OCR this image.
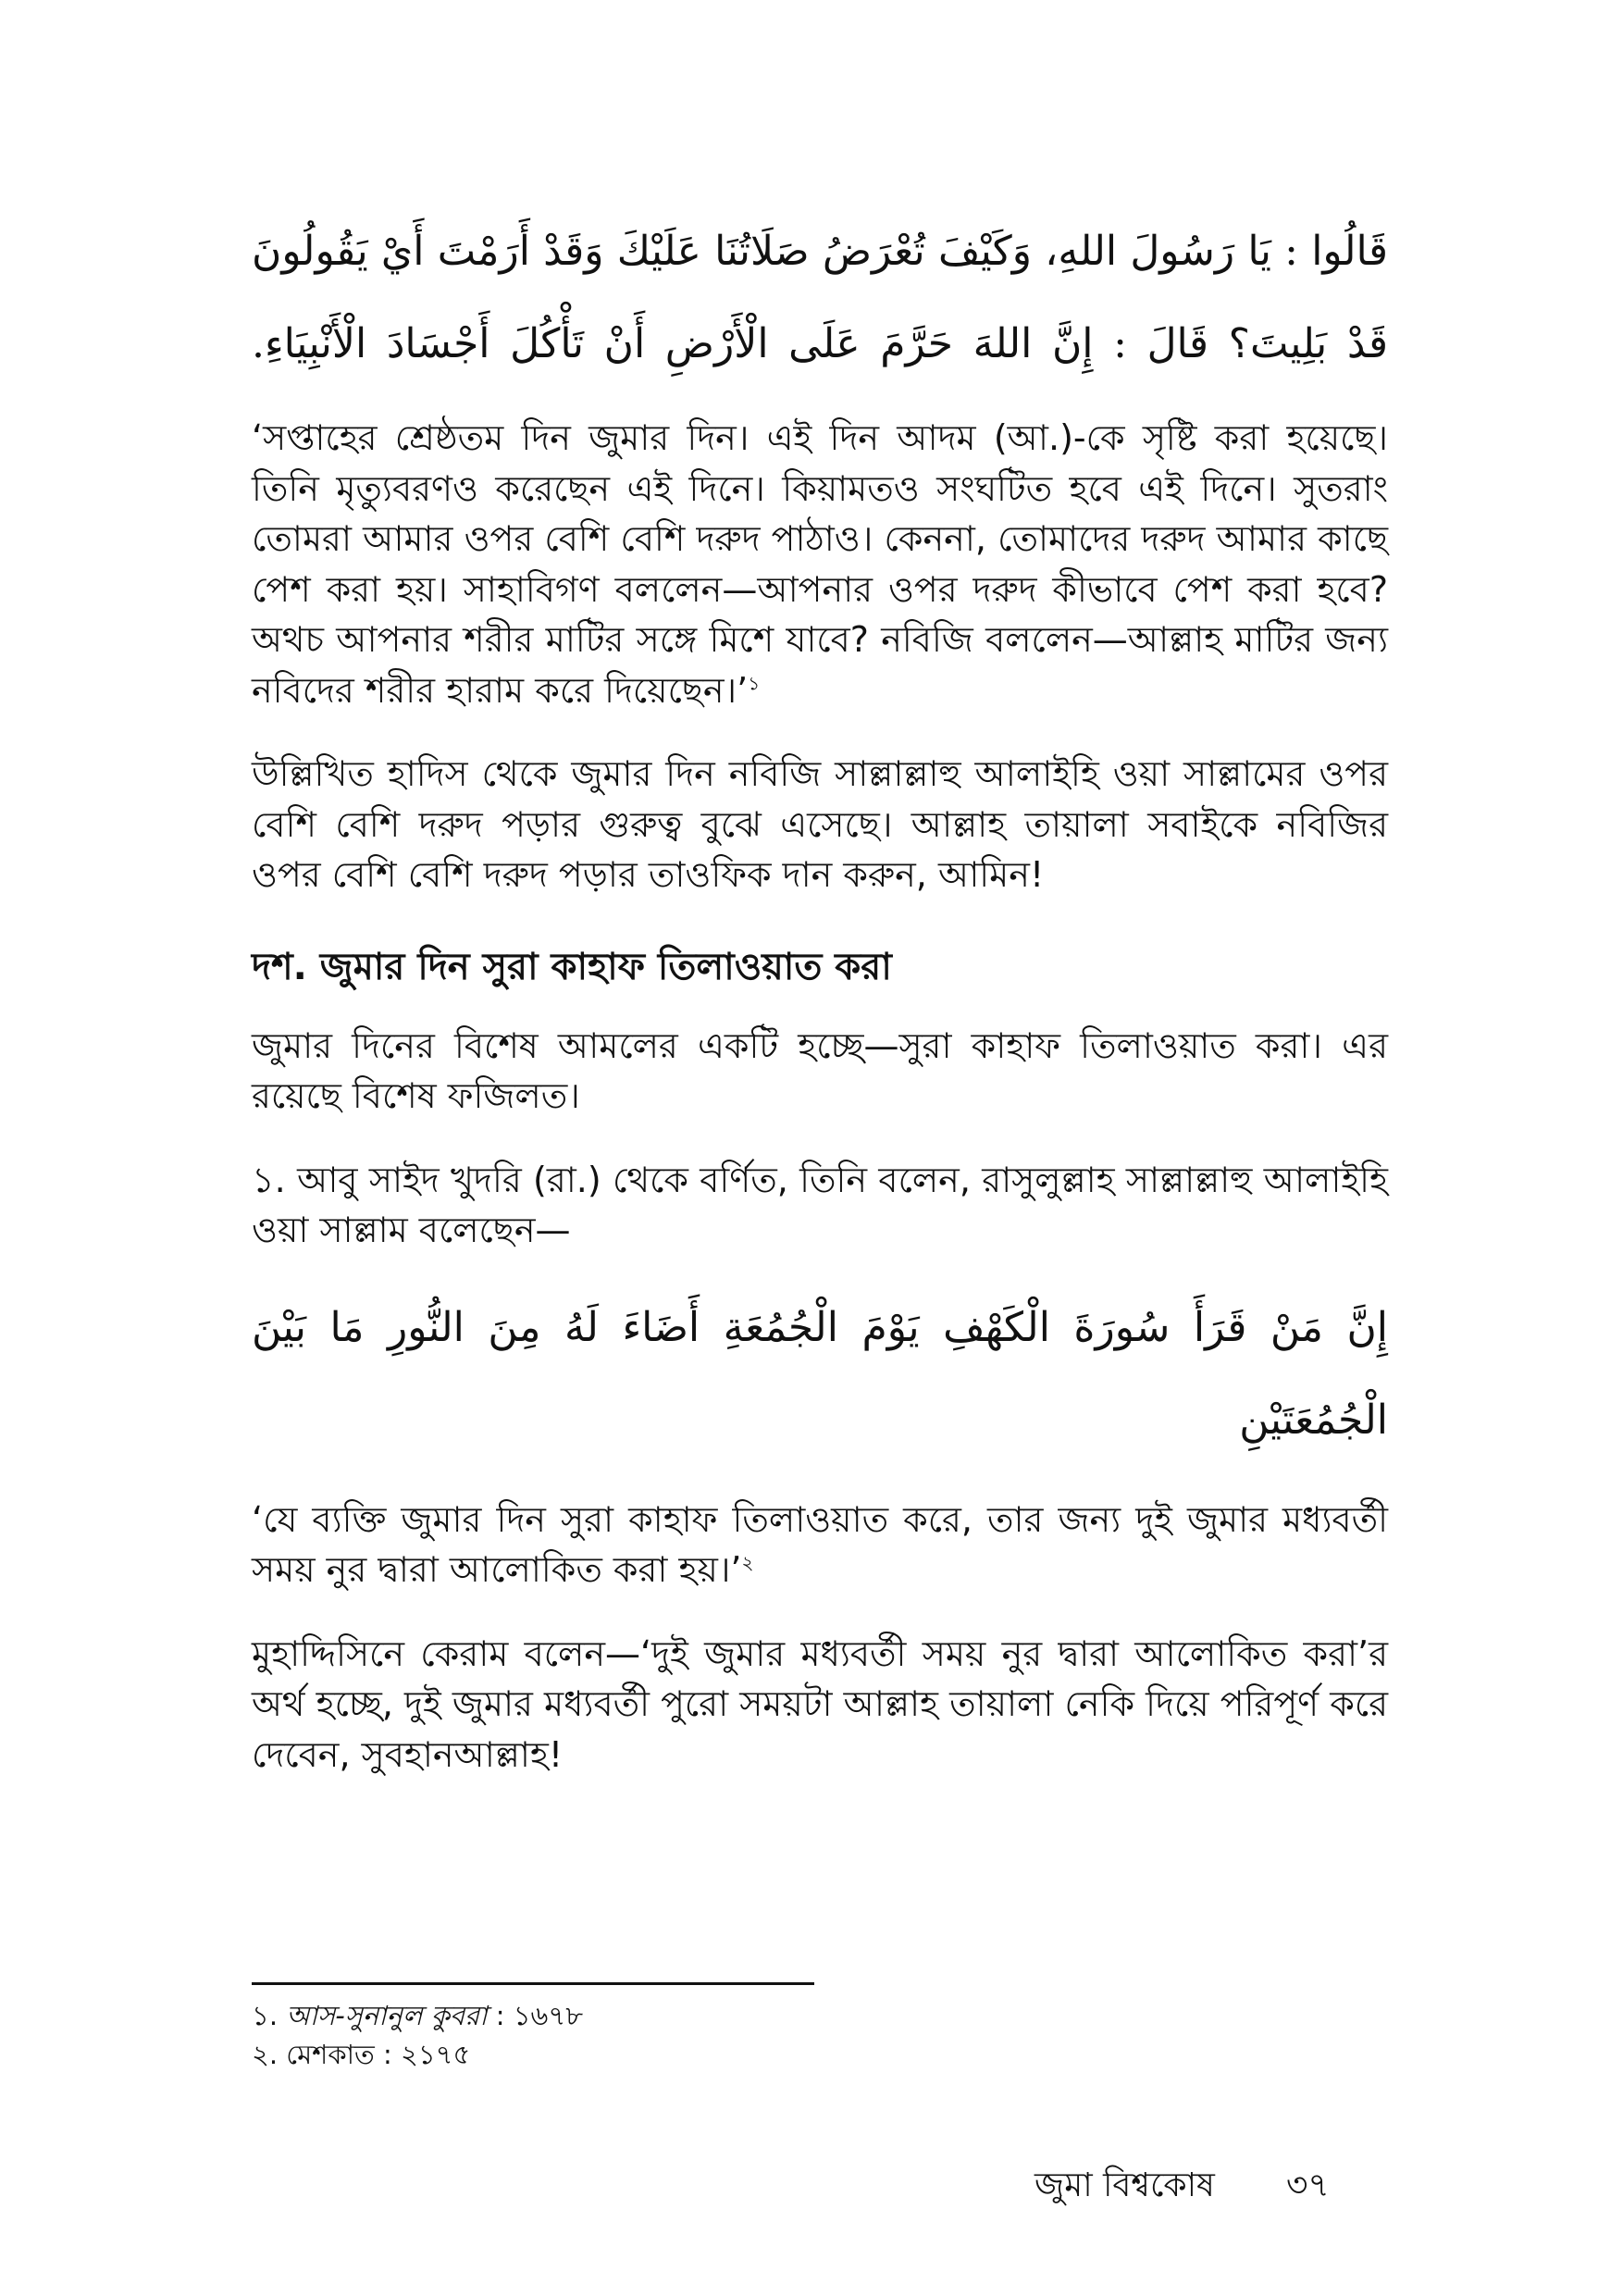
قَالُوا : يَا رَسُولَ اللهِ، وَكَيْفَ تُعْرَضُ صَلَاتُنَا عَلَيْكَ وَقَدْ أَرَمْتَ أَيْ يَقُولُونَ
قَدْ بَلِيتَ؟ قَالَ : إِنَّ اللهَ حَرَّمَ عَلَى الْأَرْضِ أَنْ تَأْكُلَ أَجْسَادَ الْأَنْبِيَاءِ.

‘সপ্তাহের শ্রেষ্ঠতম দিন জুমার দিন। এই দিন আদম (আ.)-কে সৃষ্টি করা হয়েছে। তিনি মৃত্যুবরণও করেছেন এই দিনে। কিয়ামতও সংঘটিত হবে এই দিনে। সুতরাং তোমরা আমার ওপর বেশি বেশি দরুদ পাঠাও। কেননা, তোমাদের দরুদ আমার কাছে পেশ করা হয়। সাহাবিগণ বললেন—আপনার ওপর দরুদ কীভাবে পেশ করা হবে? অথচ আপনার শরীর মাটির সঙ্গে মিশে যাবে? নবিজি বললেন—আল্লাহ মাটির জন্য নবিদের শরীর হারাম করে দিয়েছেন।’$^১$

উল্লিখিত হাদিস থেকে জুমার দিন নবিজি সাল্লাল্লাহু আলাইহি ওয়া সাল্লামের ওপর বেশি বেশি দরুদ পড়ার গুরুত্ব বুঝে এসেছে। আল্লাহ তায়ালা সবাইকে নবিজির ওপর বেশি বেশি দরুদ পড়ার তাওফিক দান করুন, আমিন!

দশ. জুমার দিন সুরা কাহাফ তিলাওয়াত করা

জুমার দিনের বিশেষ আমলের একটি হচ্ছে—সুরা কাহাফ তিলাওয়াত করা। এর রয়েছে বিশেষ ফজিলত।

১. আবু সাইদ খুদরি (রা.) থেকে বর্ণিত, তিনি বলেন, রাসুলুল্লাহ সাল্লাল্লাহু আলাইহি ওয়া সাল্লাম বলেছেন—

إِنَّ مَنْ قَرَأَ سُورَةَ الْكَهْفِ يَوْمَ الْجُمُعَةِ أَضَاءَ لَهُ مِنَ النُّورِ مَا بَيْنَ الْجُمُعَتَيْنِ

‘যে ব্যক্তি জুমার দিন সুরা কাহাফ তিলাওয়াত করে, তার জন্য দুই জুমার মধ্যবর্তী সময় নুর দ্বারা আলোকিত করা হয়।’$^২$

মুহাদ্দিসিনে কেরাম বলেন—‘দুই জুমার মধ্যবর্তী সময় নুর দ্বারা আলোকিত করা’র অর্থ হচ্ছে, দুই জুমার মধ্যবর্তী পুরো সময়টা আল্লাহ তায়ালা নেকি দিয়ে পরিপূর্ণ করে দেবেন, সুবহানআল্লাহ!

১. আস-সুনানুল কুবরা : ১৬৭৮
২. মেশকাত : ২১৭৫
জুমা বিশ্বকোষ ৩৭
